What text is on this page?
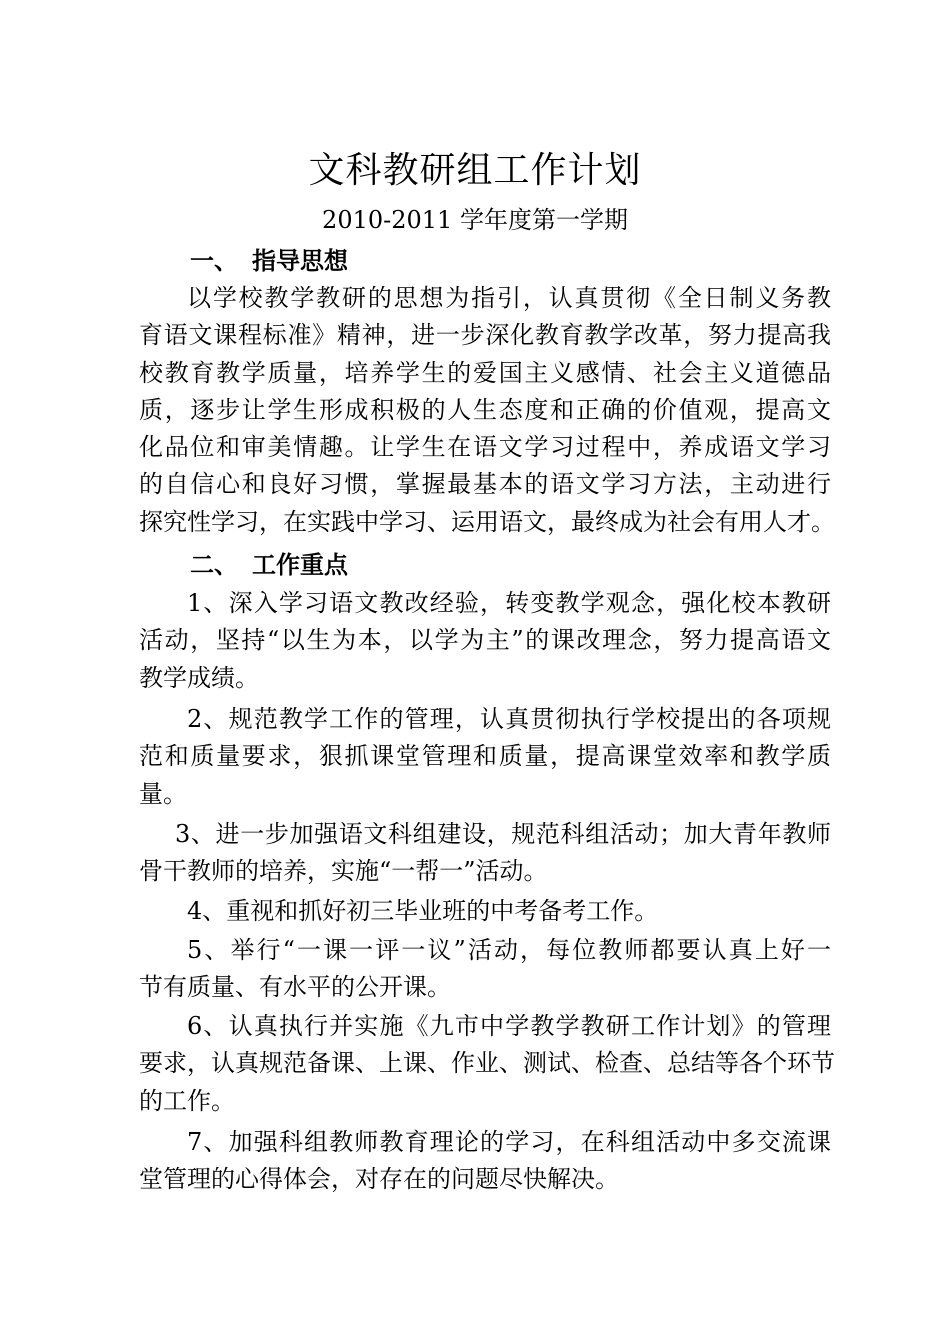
文科教研组工作计划
2010-2011 学年度第一学期
一、 指导思想
以学校教学教研的思想为指引，认真贯彻《全日制义务教
育语文课程标准》精神，进一步深化教育教学改革，努力提高我
校教育教学质量，培养学生的爱国主义感情、社会主义道德品
质，逐步让学生形成积极的人生态度和正确的价值观，提高文
化品位和审美情趣。让学生在语文学习过程中，养成语文学习
的自信心和良好习惯，掌握最基本的语文学习方法，主动进行
探究性学习，在实践中学习、运用语文，最终成为社会有用人才。
二、 工作重点
1、深入学习语文教改经验，转变教学观念，强化校本教研
活动，坚持“以生为本，以学为主”的课改理念，努力提高语文
教学成绩。
2、规范教学工作的管理，认真贯彻执行学校提出的各项规
范和质量要求，狠抓课堂管理和质量，提高课堂效率和教学质
量。
3、进一步加强语文科组建设，规范科组活动；加大青年教师
骨干教师的培养，实施“一帮一”活动。
4、重视和抓好初三毕业班的中考备考工作。
5、举行“一课一评一议”活动，每位教师都要认真上好一
节有质量、有水平的公开课。
6、认真执行并实施《九市中学教学教研工作计划》的管理
要求，认真规范备课、上课、作业、测试、检查、总结等各个环节
的工作。
7、加强科组教师教育理论的学习，在科组活动中多交流课
堂管理的心得体会，对存在的问题尽快解决。
